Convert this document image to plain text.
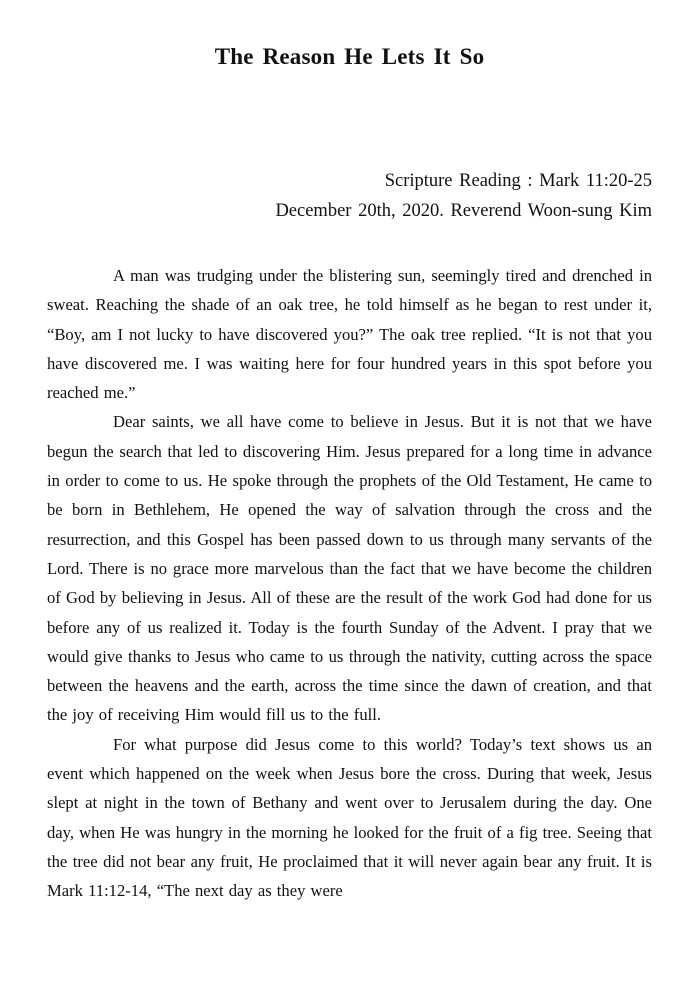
The Reason He Lets It So
Scripture Reading : Mark 11:20-25
December 20th, 2020. Reverend Woon-sung Kim

A man was trudging under the blistering sun, seemingly tired and drenched in sweat. Reaching the shade of an oak tree, he told himself as he began to rest under it, “Boy, am I not lucky to have discovered you?” The oak tree replied. “It is not that you have discovered me. I was waiting here for four hundred years in this spot before you reached me.”

Dear saints, we all have come to believe in Jesus. But it is not that we have begun the search that led to discovering Him. Jesus prepared for a long time in advance in order to come to us. He spoke through the prophets of the Old Testament, He came to be born in Bethlehem, He opened the way of salvation through the cross and the resurrection, and this Gospel has been passed down to us through many servants of the Lord. There is no grace more marvelous than the fact that we have become the children of God by believing in Jesus. All of these are the result of the work God had done for us before any of us realized it. Today is the fourth Sunday of the Advent. I pray that we would give thanks to Jesus who came to us through the nativity, cutting across the space between the heavens and the earth, across the time since the dawn of creation, and that the joy of receiving Him would fill us to the full.

For what purpose did Jesus come to this world? Today’s text shows us an event which happened on the week when Jesus bore the cross. During that week, Jesus slept at night in the town of Bethany and went over to Jerusalem during the day. One day, when He was hungry in the morning he looked for the fruit of a fig tree. Seeing that the tree did not bear any fruit, He proclaimed that it will never again bear any fruit. It is Mark 11:12-14, “The next day as they were
